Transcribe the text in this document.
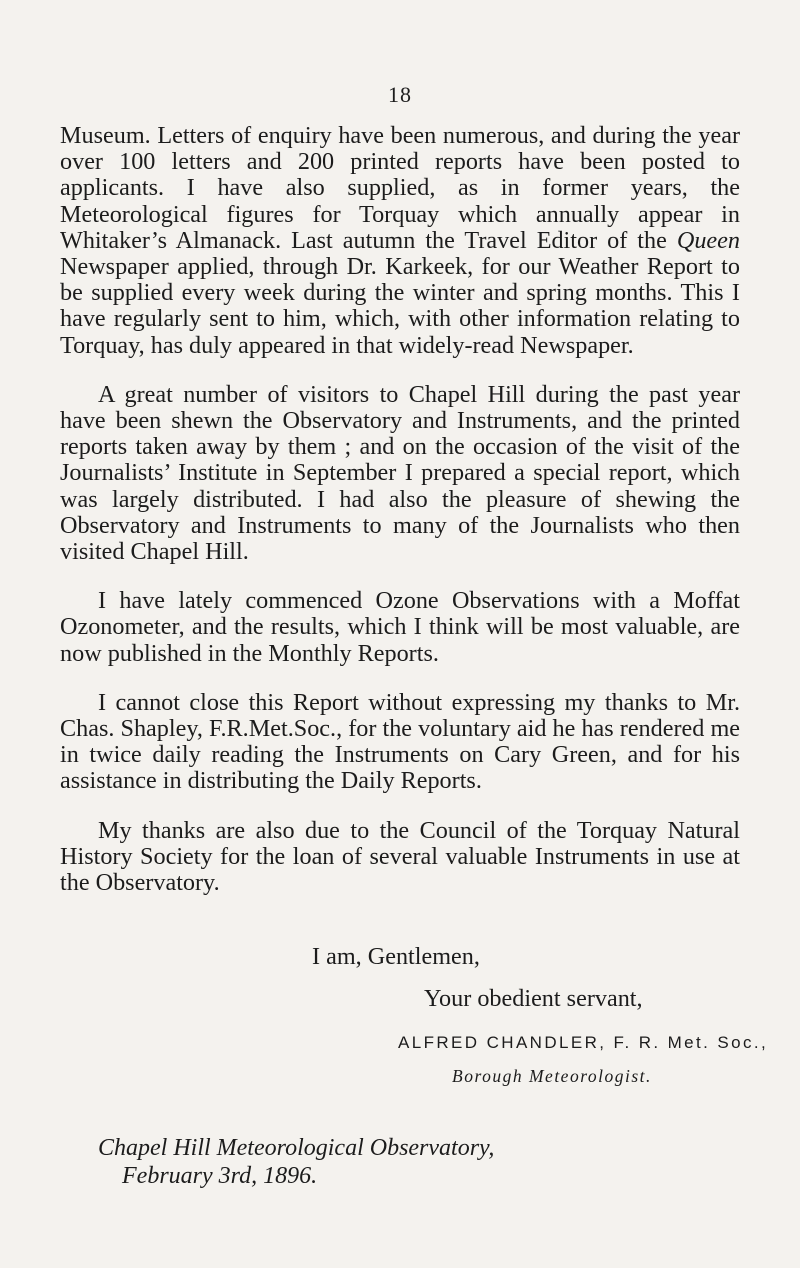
18

Museum. Letters of enquiry have been numerous, and during the year over 100 letters and 200 printed reports have been posted to applicants. I have also supplied, as in former years, the Meteorological figures for Torquay which annually appear in Whitaker’s Almanack. Last autumn the Travel Editor of the Queen Newspaper applied, through Dr. Karkeek, for our Weather Report to be supplied every week during the winter and spring months. This I have regularly sent to him, which, with other information relating to Torquay, has duly appeared in that widely-read Newspaper.

A great number of visitors to Chapel Hill during the past year have been shewn the Observatory and Instruments, and the printed reports taken away by them ; and on the occasion of the visit of the Journalists’ Institute in September I prepared a special report, which was largely distributed. I had also the pleasure of shewing the Observatory and Instruments to many of the Journalists who then visited Chapel Hill.

I have lately commenced Ozone Observations with a Moffat Ozonometer, and the results, which I think will be most valuable, are now published in the Monthly Reports.

I cannot close this Report without expressing my thanks to Mr. Chas. Shapley, F.R.Met.Soc., for the voluntary aid he has rendered me in twice daily reading the Instruments on Cary Green, and for his assistance in distributing the Daily Reports.

My thanks are also due to the Council of the Torquay Natural History Society for the loan of several valuable Instruments in use at the Observatory.

I am, Gentlemen,
Your obedient servant,
ALFRED CHANDLER, F. R. Met. Soc.,
Borough Meteorologist.
Chapel Hill Meteorological Observatory,
February 3rd, 1896.
